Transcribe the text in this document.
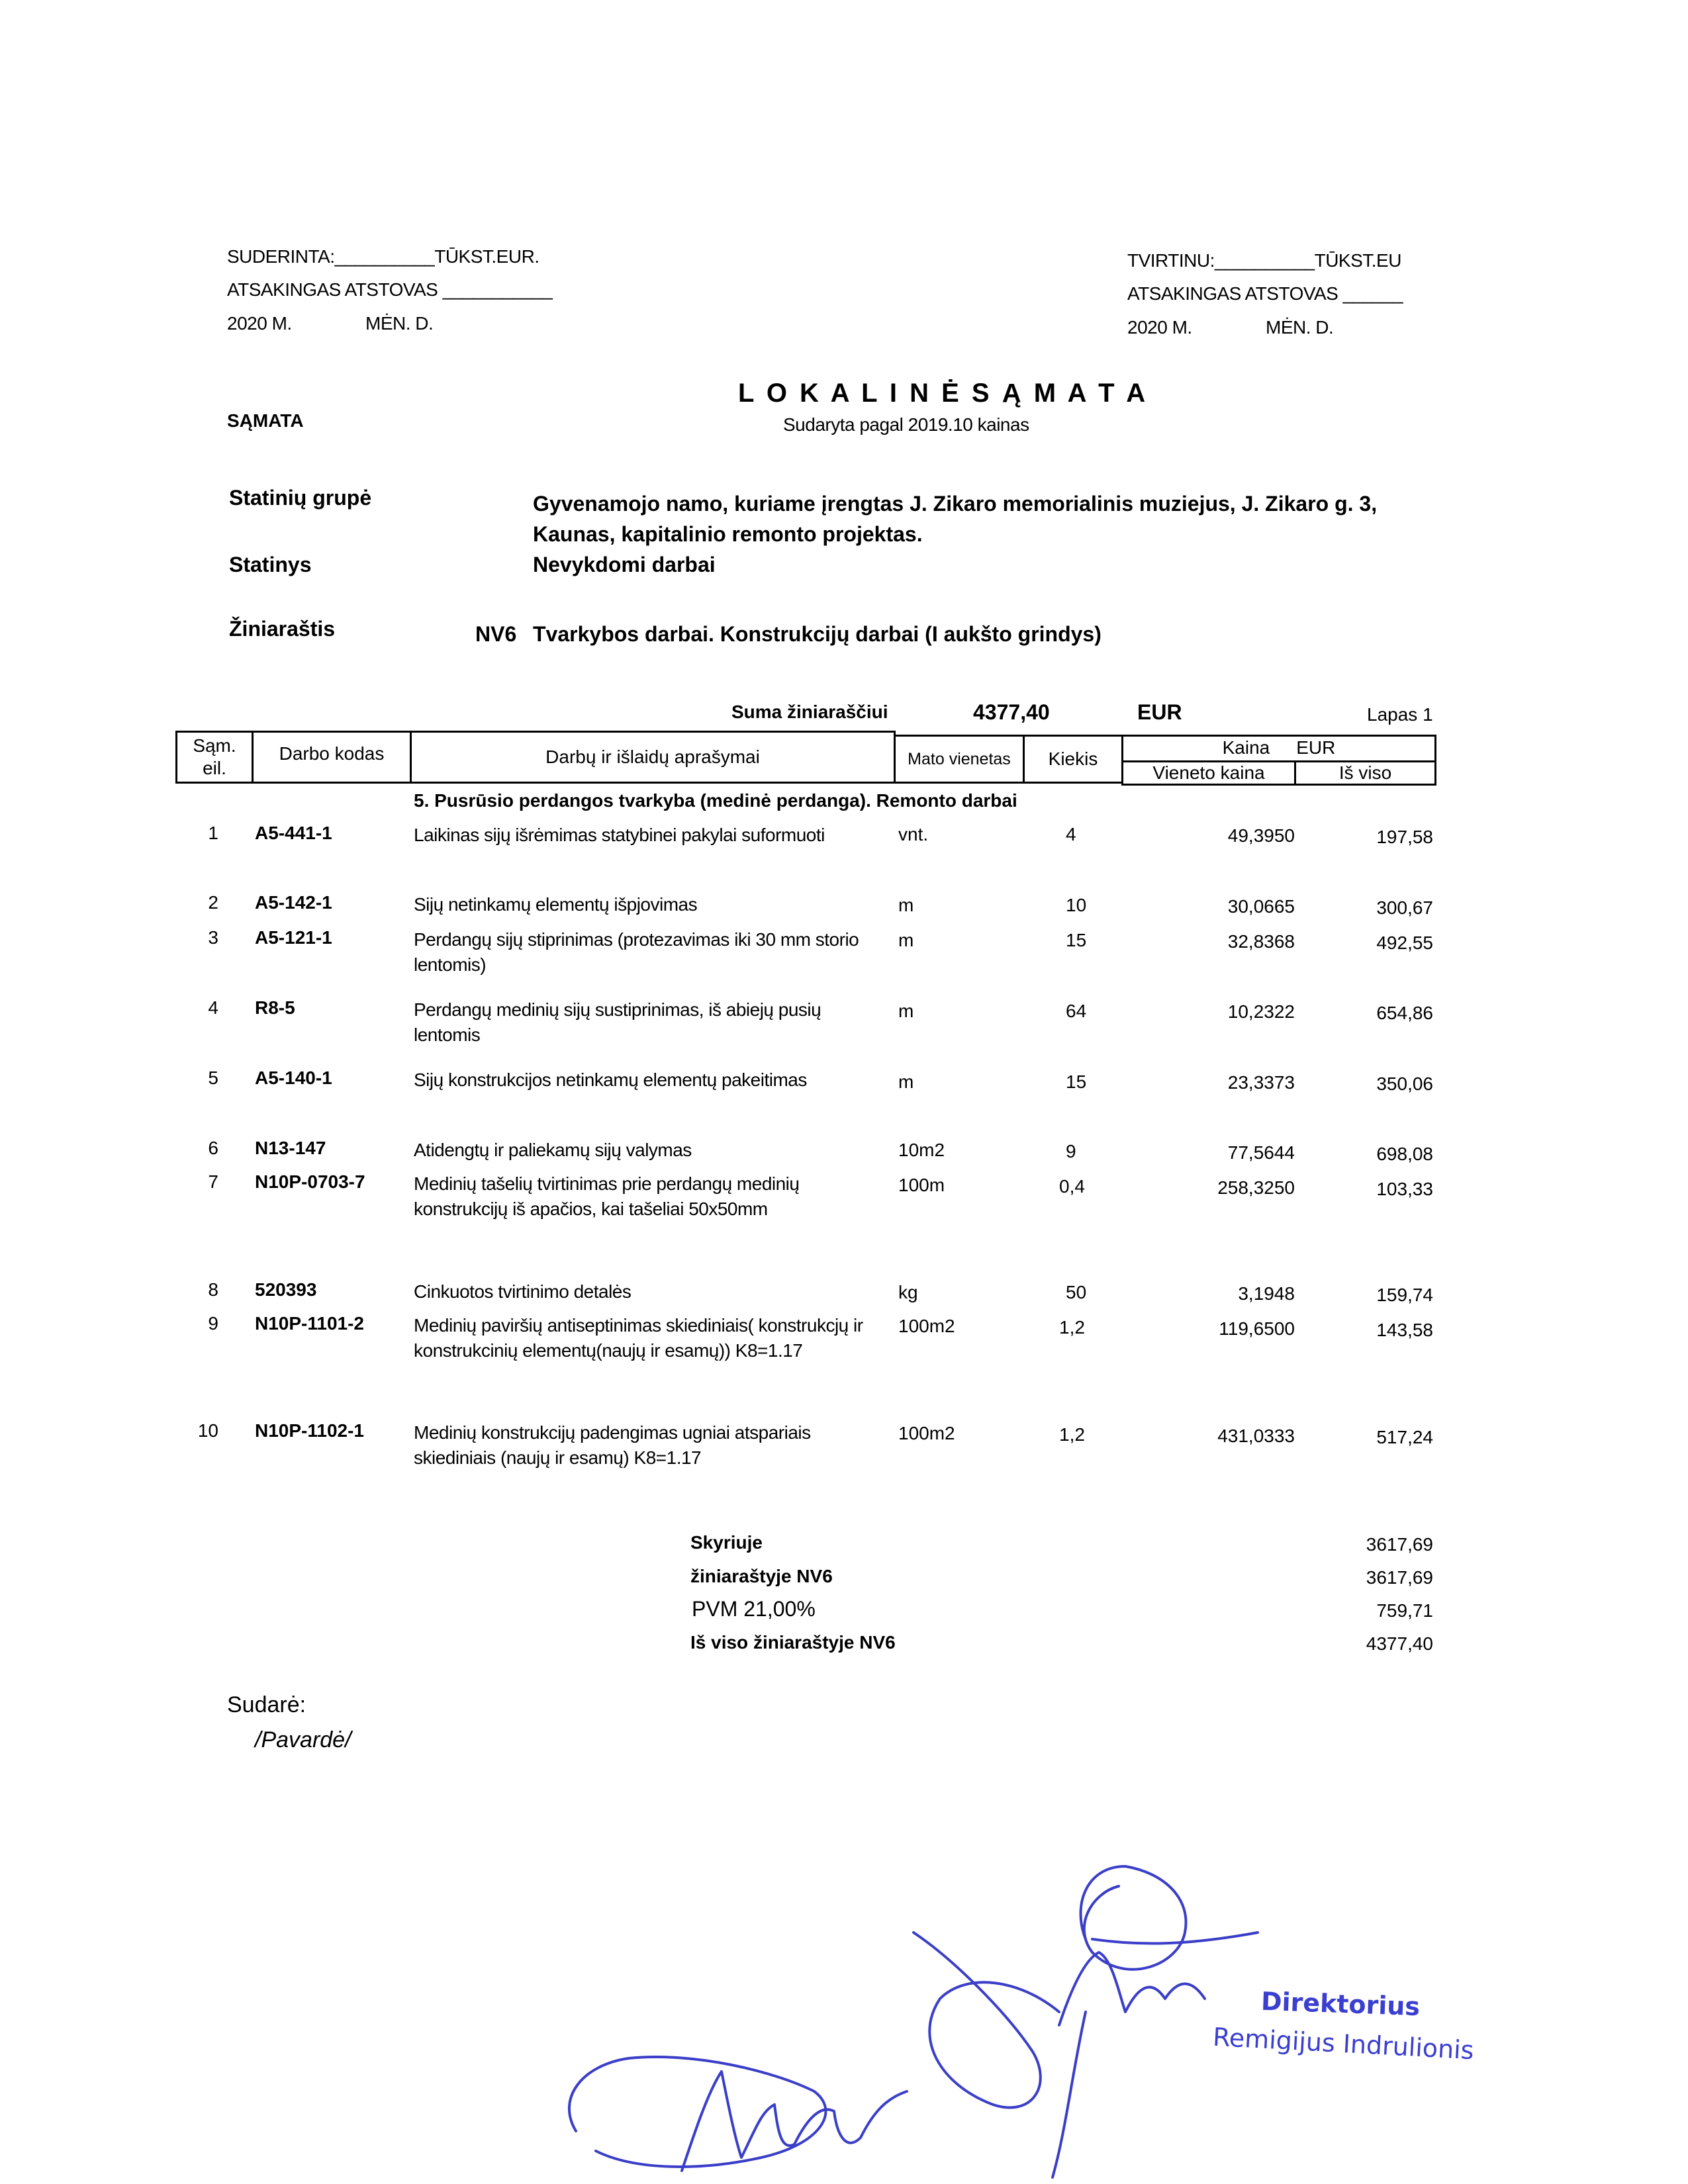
SUDERINTA:__________TŪKST.EUR.
ATSAKINGAS ATSTOVAS ___________
2020 M.	MĖN. D.
TVIRTINU:__________TŪKST.EU
ATSAKINGAS ATSTOVAS ______
2020 M.	MĖN. D.
L O K A L I N Ė S Ą M A T A
Sudaryta pagal 2019.10 kainas
SĄMATA
Statinių grupė	Gyvenamojo namo, kuriame įrengtas J. Zikaro memorialinis muziejus, J. Zikaro g. 3, Kaunas, kapitalinio remonto projektas.
Statinys	Nevykdomi darbai
Žiniaraštis	NV6 Tvarkybos darbai. Konstrukcijų darbai (I aukšto grindys)
Suma žiniaraščiui	4377,40	EUR	Lapas 1
Sąm. eil.
Darbo kodas	Darbų ir išlaidų aprašymai	Mato vienetas	Kiekis
Kaina EUR
Vieneto kaina	Iš viso
5. Pusrūsio perdangos tvarkyba (medinė perdanga). Remonto darbai
1 A5-441-1	Laikinas sijų išrėmimas statybinei pakylai suformuoti	vnt.	4	49,3950	197,58
2 A5-142-1	Sijų netinkamų elementų išpjovimas	m	10	30,0665	300,67
3 A5-121-1	Perdangų sijų stiprinimas (protezavimas iki 30 mm storio lentomis)
m	15	32,8368	492,55
4 R8-5	Perdangų medinių sijų sustiprinimas, iš abiejų pusių lentomis
m	64	10,2322	654,86
5 A5-140-1	Sijų konstrukcijos netinkamų elementų pakeitimas	m	15	23,3373	350,06
6 N13-147	Atidengtų ir paliekamų sijų valymas	10m2	9	77,5644	698,08
7 N10P-0703-7	Medinių tašelių tvirtinimas prie perdangų medinių konstrukcijų iš apačios, kai tašeliai 50x50mm
100m	0,4	258,3250	103,33
8 520393	Cinkuotos tvirtinimo detalės	kg	50	3,1948	159,74
9 N10P-1101-2	Medinių paviršių antiseptinimas skiediniais( konstrukcjų ir konstrukcinių elementų(naujų ir esamų)) K8=1.17
100m2	1,2	119,6500	143,58
10 N10P-1102-1	Medinių konstrukcijų padengimas ugniai atspariais skiediniais (naujų ir esamų) K8=1.17
100m2	1,2	431,0333	517,24
Skyriuje	3617,69
žiniaraštyje NV6	3617,69
PVM 21,00%	759,71
Iš viso žiniaraštyje NV6	4377,40
Sudarė:
/Pavardė/
Direktorius
Remigijus Indrulionis
